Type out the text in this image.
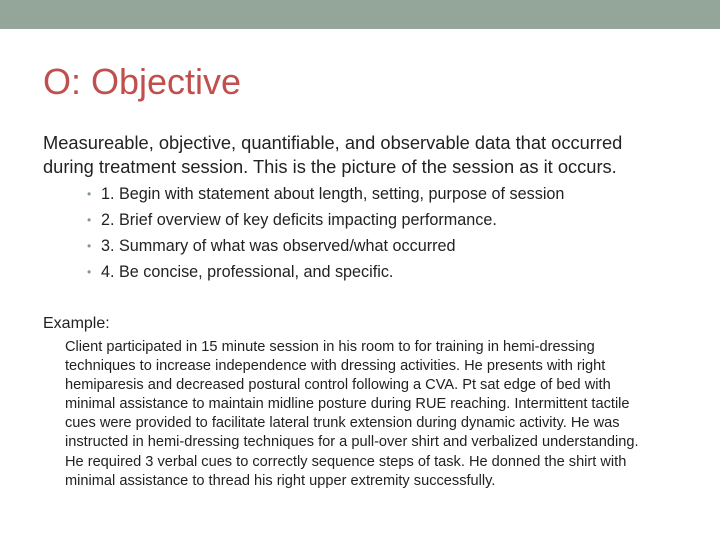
O: Objective

Measureable, objective, quantifiable, and observable data that occurred
during treatment session. This is the picture of the session as it occurs.

• 1. Begin with statement about length, setting, purpose of session
• 2. Brief overview of key deficits impacting performance.
• 3. Summary of what was observed/what occurred
• 4. Be concise, professional, and specific.

Example:

Client participated in 15 minute session in his room to for training in hemi-dressing
techniques to increase independence with dressing activities. He presents with right
hemiparesis and decreased postural control following a CVA. Pt sat edge of bed with
minimal assistance to maintain midline posture during RUE reaching. Intermittent tactile
cues were provided to facilitate lateral trunk extension during dynamic activity. He was
instructed in hemi-dressing techniques for a pull-over shirt and verbalized understanding.
He required 3 verbal cues to correctly sequence steps of task. He donned the shirt with
minimal assistance to thread his right upper extremity successfully.
